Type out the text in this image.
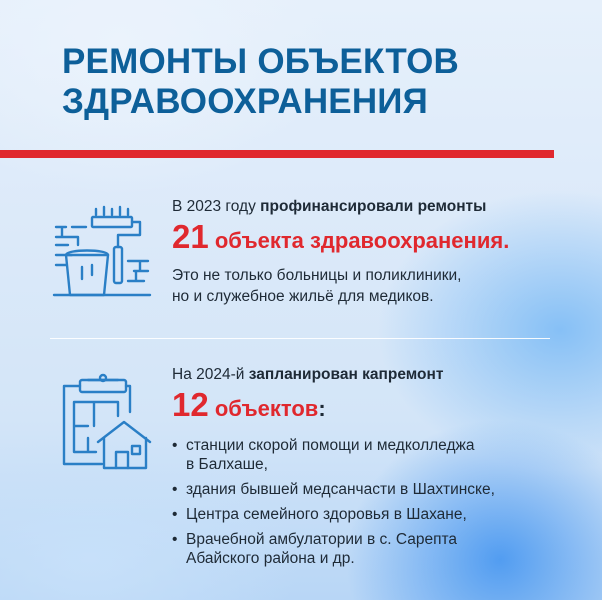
РЕМОНТЫ ОБЪЕКТОВ
ЗДРАВООХРАНЕНИЯ
В 2023 году профинансировали ремонты
21 объекта здравоохранения.
Это не только больницы и поликлиники,
но и служебное жильё для медиков.
На 2024-й запланирован капремонт
12 объектов:
• станции скорой помощи и медколледжа
в Балхаше,
• здания бывшей медсанчасти в Шахтинске,
• Центра семейного здоровья в Шахане,
• Врачебной амбулатории в с. Сарепта
Абайского района и др.
